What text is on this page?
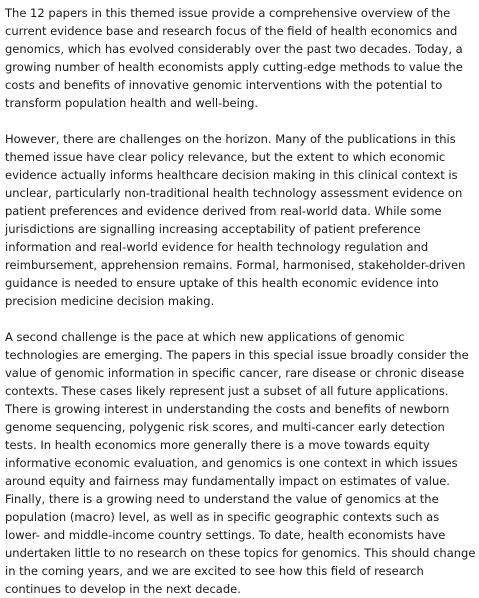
The 12 papers in this themed issue provide a comprehensive overview of the current evidence base and research focus of the field of health economics and genomics, which has evolved considerably over the past two decades. Today, a growing number of health economists apply cutting-edge methods to value the costs and benefits of innovative genomic interventions with the potential to transform population health and well-being.

However, there are challenges on the horizon. Many of the publications in this themed issue have clear policy relevance, but the extent to which economic evidence actually informs healthcare decision making in this clinical context is unclear, particularly non-traditional health technology assessment evidence on patient preferences and evidence derived from real-world data. While some jurisdictions are signalling increasing acceptability of patient preference information and real-world evidence for health technology regulation and reimbursement, apprehension remains. Formal, harmonised, stakeholder-driven guidance is needed to ensure uptake of this health economic evidence into precision medicine decision making.

A second challenge is the pace at which new applications of genomic technologies are emerging. The papers in this special issue broadly consider the value of genomic information in specific cancer, rare disease or chronic disease contexts. These cases likely represent just a subset of all future applications. There is growing interest in understanding the costs and benefits of newborn genome sequencing, polygenic risk scores, and multi-cancer early detection tests. In health economics more generally there is a move towards equity informative economic evaluation, and genomics is one context in which issues around equity and fairness may fundamentally impact on estimates of value. Finally, there is a growing need to understand the value of genomics at the population (macro) level, as well as in specific geographic contexts such as lower- and middle-income country settings. To date, health economists have undertaken little to no research on these topics for genomics. This should change in the coming years, and we are excited to see how this field of research continues to develop in the next decade.
